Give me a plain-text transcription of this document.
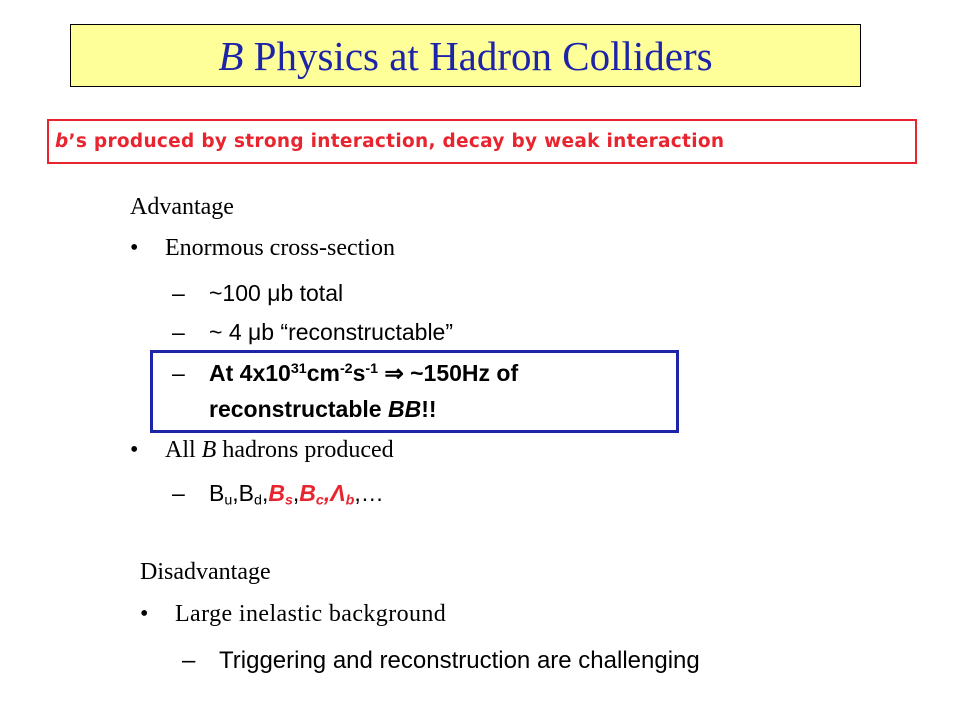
B Physics at Hadron Colliders
b ’s produced by strong interaction, decay by weak interaction
Advantage
• Enormous cross-section
– ~100 μb total
– ~ 4 μb “reconstructable”
– At $4x10^{31}cm^{-2}s^{-1}$ ⇒ ~150Hz of
reconstructable BB!!
• All B hadrons produced
– $B_u,B_d,B_s,B_c,\Lambda_b,\dots$
Disadvantage
• Large inelastic background
– Triggering and reconstruction are challenging
